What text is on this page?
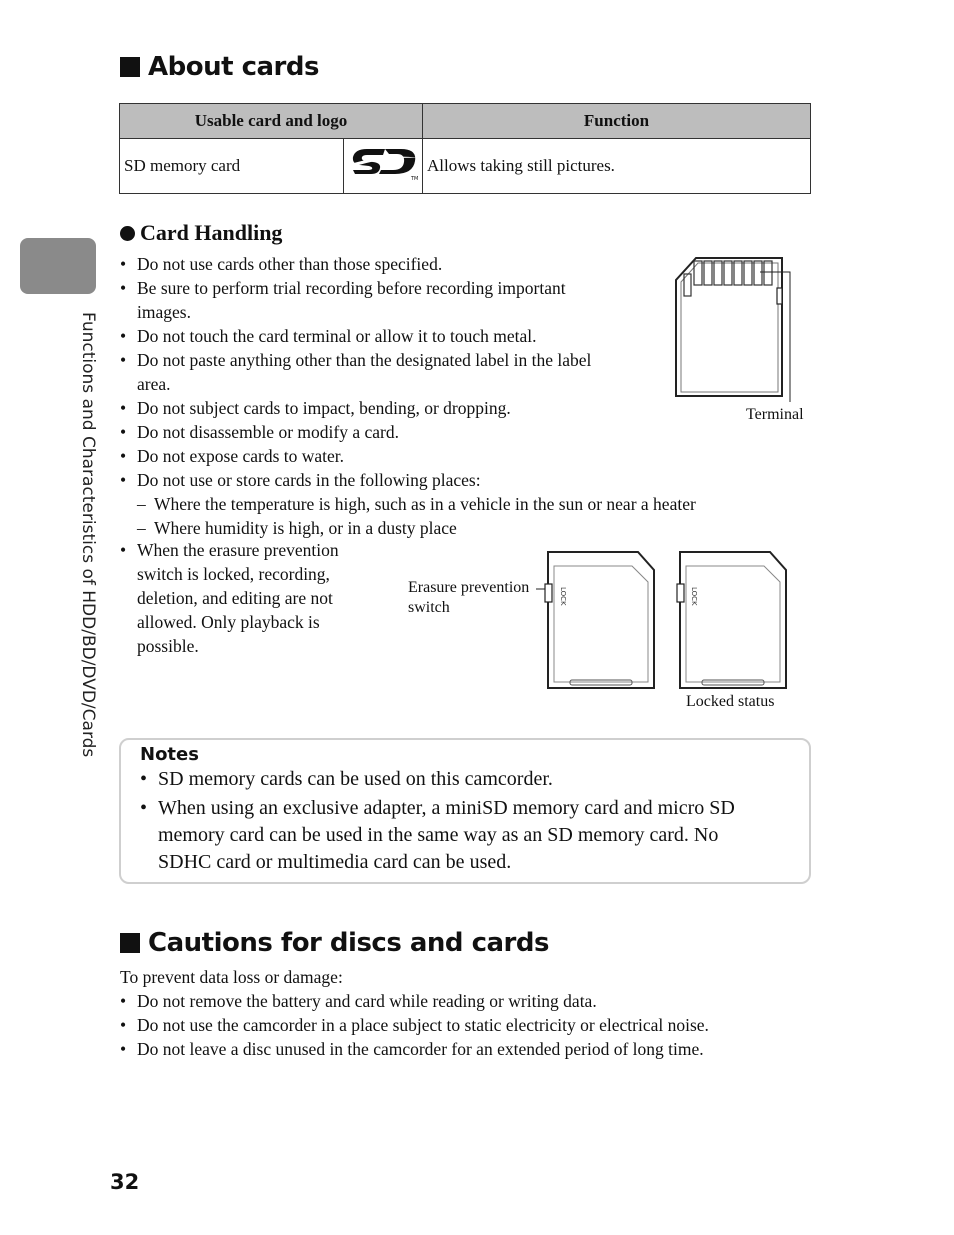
Functions and Characteristics of HDD/BD/DVD/Cards
About cards
Usable card and logo		Function
SD memory card	TM	Allows taking still pictures.
Card Handling
• Do not use cards other than those specified.
• Be sure to perform trial recording before recording important
images.
• Do not touch the card terminal or allow it to touch metal.
• Do not paste anything other than the designated label in the label
area.
• Do not subject cards to impact, bending, or dropping.
• Do not disassemble or modify a card.
• Do not expose cards to water.
• Do not use or store cards in the following places:
– Where the temperature is high, such as in a vehicle in the sun or near a heater
– Where humidity is high, or in a dusty place
• When the erasure prevention
switch is locked, recording,
deletion, and editing are not
allowed. Only playback is
possible.
Terminal
Erasure prevention
switch
LOCK	LOCK
Locked status
Notes
• SD memory cards can be used on this camcorder.
• When using an exclusive adapter, a miniSD memory card and micro SD
memory card can be used in the same way as an SD memory card. No
SDHC card or multimedia card can be used.
Cautions for discs and cards
To prevent data loss or damage:
• Do not remove the battery and card while reading or writing data.
• Do not use the camcorder in a place subject to static electricity or electrical noise.
• Do not leave a disc unused in the camcorder for an extended period of long time.
32
